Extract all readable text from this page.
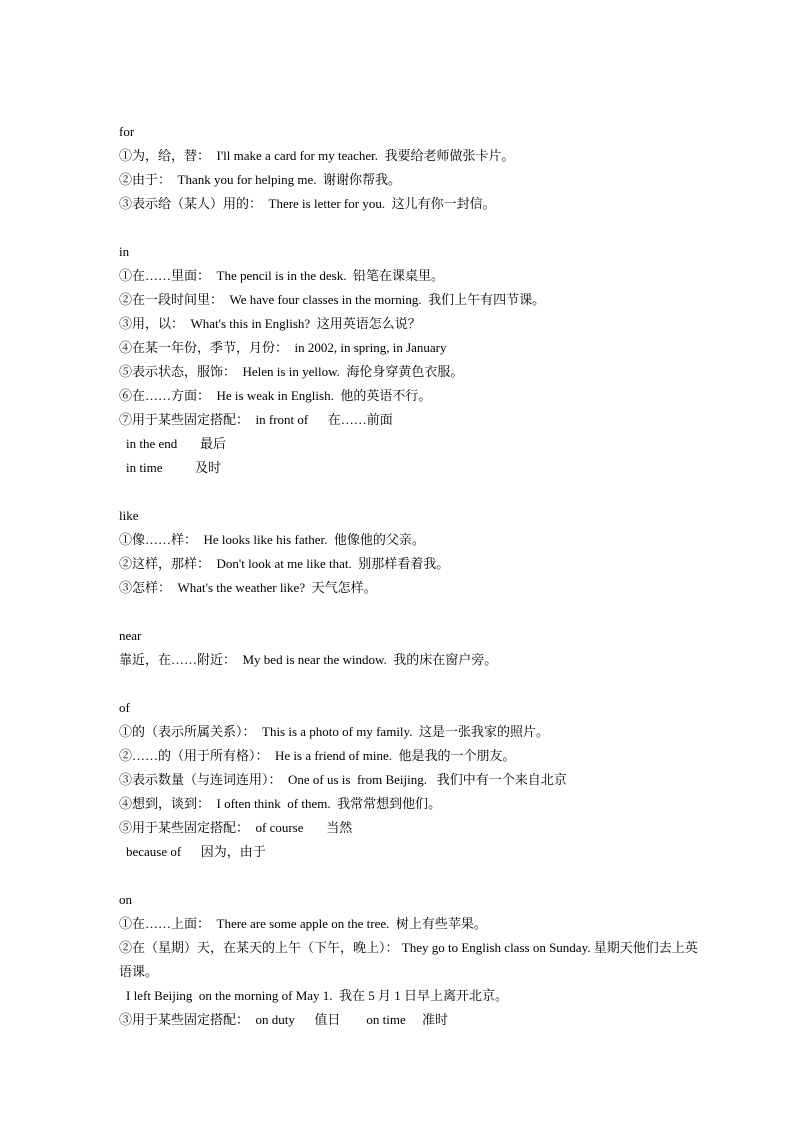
for
①为，给，替：  I'll make a card for my teacher.  我要给老师做张卡片。
②由于：  Thank you for helping me.  谢谢你帮我。
③表示给（某人）用的：  There is letter for you.  这儿有你一封信。
in
①在……里面：  The pencil is in the desk.  铅笔在课桌里。
②在一段时间里：  We have four classes in the morning.  我们上午有四节课。
③用，以：  What's this in English?  这用英语怎么说？
④在某一年份，季节，月份：  in 2002, in spring, in January
⑤表示状态，服饰：  Helen is in yellow.  海伦身穿黄色衣服。
⑥在……方面：  He is weak in English.  他的英语不行。
⑦用于某些固定搭配：  in front of      在……前面
in the end       最后
in time          及时
like
①像……样：  He looks like his father.  他像他的父亲。
②这样，那样：  Don't look at me like that.  别那样看着我。
③怎样：  What's the weather like?  天气怎样。
near
靠近，在……附近：  My bed is near the window.  我的床在窗户旁。
of
①的（表示所属关系）：  This is a photo of my family.  这是一张我家的照片。
②……的（用于所有格）：  He is a friend of mine.  他是我的一个朋友。
③表示数量（与连词连用）：  One of us is  from Beijing.   我们中有一个来自北京
④想到，谈到：  I often think  of them.  我常常想到他们。
⑤用于某些固定搭配：  of course       当然
because of      因为，由于
on
①在……上面：  There are some apple on the tree.  树上有些苹果。
②在（星期）天，在某天的上午（下午，晚上）： They go to English class on Sunday. 星期天他们去上英语课。
I left Beijing  on the morning of May 1.  我在 5 月 1 日早上离开北京。
③用于某些固定搭配：  on duty      值日        on time     准时
